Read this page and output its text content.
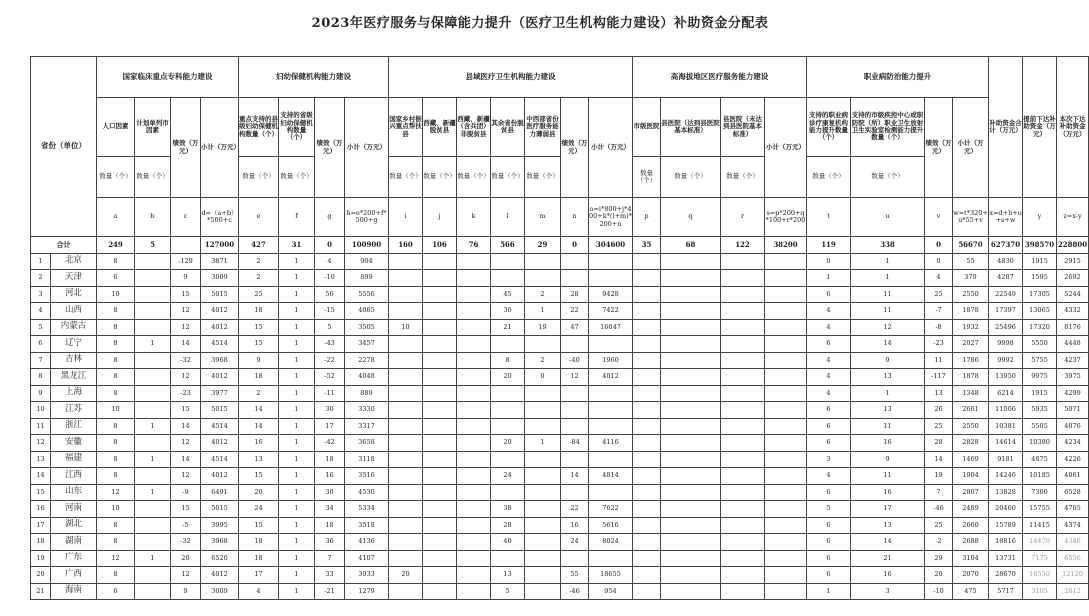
2023年医疗服务与保障能力提升（医疗卫生机构能力建设）补助资金分配表
省份（单位）		国家临床重点专科能力建设				妇幼保健机构能力建设				县域医疗卫生机构能力建设							高海拔地区医疗服务能力建设				职业病防治能力提升				补助资金合计（万元）	提前下达补助资金（万元）	本次下达补助资金（万元）
		人口因素	计划单列市因素	绩效（万元）	小计（万元）	重点支持的县级妇幼保健机构数量（个）	支持的省级妇幼保健机构数量（个）	绩效（万元）	小计（万元）	国家乡村振兴重点帮扶县	西藏、新疆脱贫县	西藏、新疆（含兵团）非脱贫县	其余省份脱贫县	中西部省份医疗服务能力薄弱县	绩效（万元）	小计（万元）	市级医院	县医院（达到县医院基本标准）	县医院（未达到县医院基本标准）	小计（万元）	支持的职业病诊疗康复机构能力提升数量（个）	支持的市级疾控中心或职防院（所）职业卫生放射卫生实验室检测能力提升数量（个）	绩效（万元）	小计（万元）			
		数量（个）	数量（个）			数量（个）	数量（个）			数量（个）	数量（个）	数量（个）	数量（个）	数量（个）			数量（个）	数量（个）	数量（个）		数量（个）	数量（个）					
		a	b	c	d=（a+b）*500+c	e	f	g	h=e*200+f*500+g	i	j	k	l	m	n	o=i*800+j*400+k*(l+m)*200+n	p	q	r	s=p*200+q*100+r*200	t	u	v	w=t*320+u*55+v	x=d+h+o+s+w	y	z=x-y
合计		249	5		127000	427	31	0	100900	160	106	76	566	29	0	304600	35	68	122	38200	119	338	0	56670	627370	398570	228800
1	北京	8		-129	3871	2	1	4	904												0	1	0	55	4830	1915	2915
2	天津	6		9	3009	2	1	-10	899												1	1	4	379	4287	1595	2692
3	河北	10		15	5015	25	1	56	5556				45	2	28	9428					6	11	25	2550	22549	17305	5244
4	山西	8		12	4012	18	1	-15	4085				36	1	22	7422					4	11	-7	1878	17397	13065	4332
5	内蒙古	8		12	4012	15	1	5	3505	10			21	19	47	16047					4	12	-8	1932	25496	17320	8176
6	辽宁	8	1	14	4514	15	1	-43	3457												6	14	-23	2027	9998	5550	4448
7	吉林	8		-32	3968	9	1	-22	2278				8	2	-40	1960					4	9	11	1786	9992	5755	4237
8	黑龙江	8		12	4012	18	1	-52	4048				20	0	12	4012					4	13	-117	1878	13950	9975	3975
9	上海	8		-23	3977	2	1	-11	889												4	1	13	1348	6214	1915	4299
10	江苏	10		15	5015	14	1	30	3330												6	13	26	2661	11006	5935	5071
11	浙江	8	1	14	4514	14	1	17	3317												6	11	25	2550	10381	5505	4876
12	安徽	8		12	4012	16	1	-42	3658				20	1	-84	4116					6	16	28	2828	14614	10380	4234
13	福建	8	1	14	4514	13	1	18	3118												3	9	14	1469	9181	4875	4226
14	江西	8		12	4012	15	1	16	3516				24		14	4814					4	11	19	1904	14246	10185	4061
15	山东	12	1	-9	6491	20	1	30	4530												6	16	7	2807	13828	7300	6528
16	河南	10		15	5015	24	1	34	5334				38		22	7622					5	17	-46	2489	20460	15755	4705
17	湖北	8		-5	3995	15	1	18	3518				28		16	5616					6	13	25	2660	15789	11415	4374
18	湖南	8		-32	3968	18	1	36	4136				40		24	8024					6	14	-2	2688	18816	14470	4346
19	广东	12	1	20	6520	18	1	7	4107												6	21	29	3104	13731	7175	6556
20	广西	8		12	4012	17	1	33	3933	20			13		55	18655					6	16	20	2070	28670	16550	12120
21	海南	6		9	3009	4	1	-21	1279				5		-46	954					1	3	-10	475	5717	3105	2612
